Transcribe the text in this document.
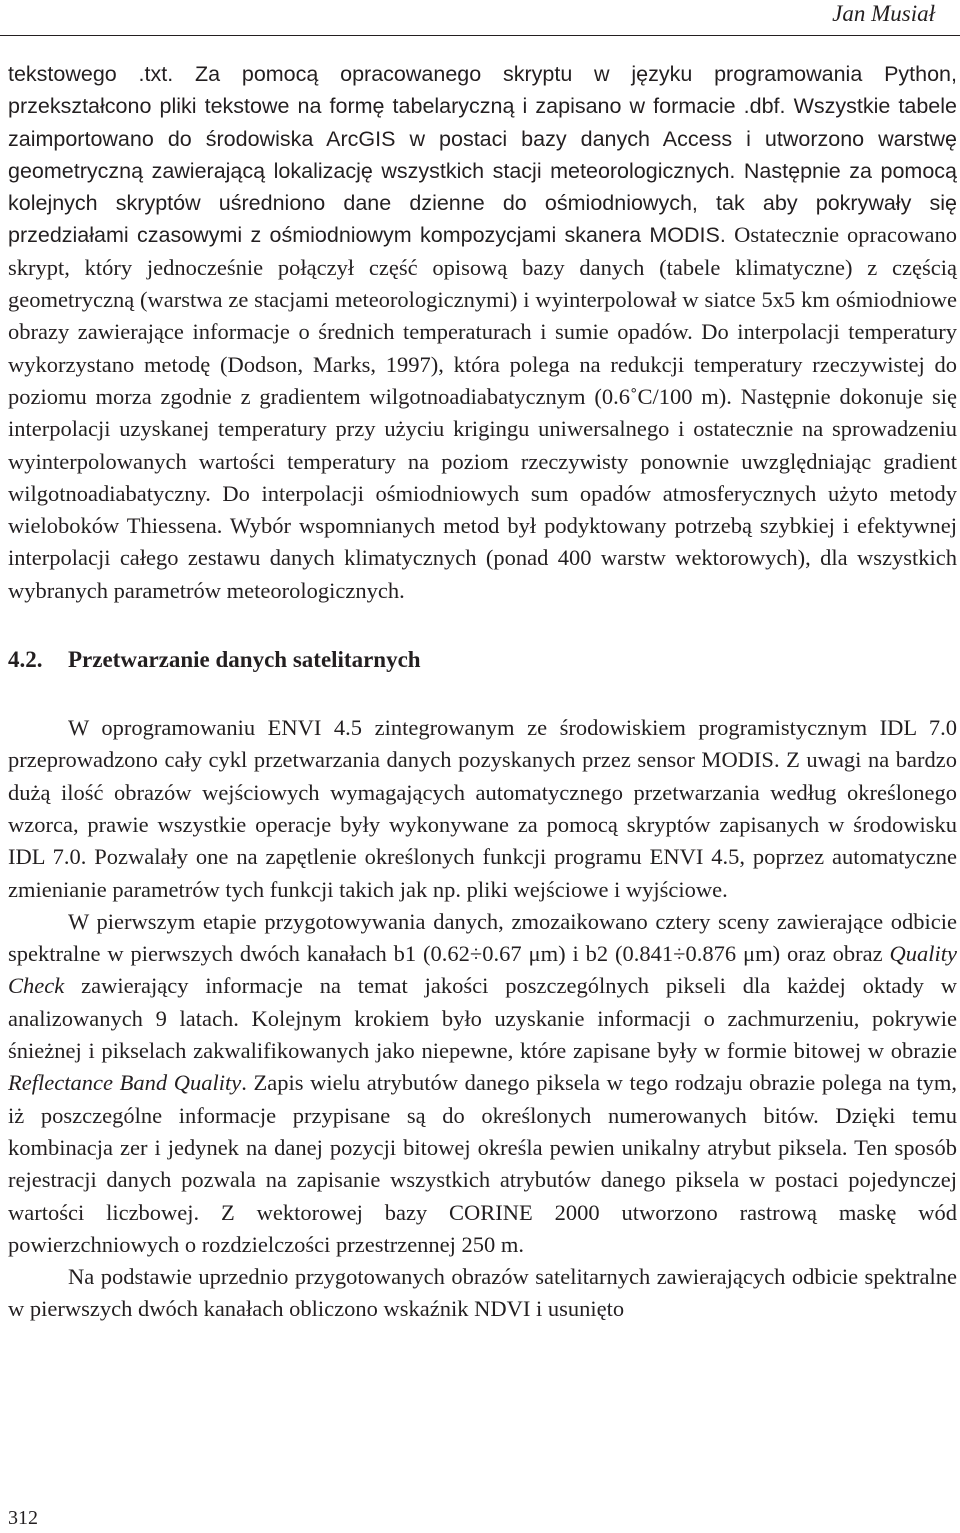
Jan Musiał

tekstowego .txt. Za pomocą opracowanego skryptu w języku programowania Python, przekształcono pliki tekstowe na formę tabelaryczną i zapisano w formacie .dbf. Wszystkie tabele zaimportowano do środowiska ArcGIS w postaci bazy danych Access i utworzono warstwę geometryczną zawierającą lokalizację wszystkich stacji meteorologicznych. Następnie za pomocą kolejnych skryptów uśredniono dane dzienne do ośmiodniowych, tak aby pokrywały się przedziałami czasowymi z ośmiodniowym kompozycjami skanera MODIS. Ostatecznie opracowano skrypt, który jednocześnie połączył część opisową bazy danych (tabele klimatyczne) z częścią geometryczną (warstwa ze stacjami meteorologicznymi) i wyinterpolował w siatce 5x5 km ośmiodniowe obrazy zawierające informacje o średnich temperaturach i sumie opadów. Do interpolacji temperatury wykorzystano metodę (Dodson, Marks, 1997), która polega na redukcji temperatury rzeczywistej do poziomu morza zgodnie z gradientem wilgotnoadiabatycznym (0.6˚C/100 m). Następnie dokonuje się interpolacji uzyskanej temperatury przy użyciu krigingu uniwersalnego i ostatecznie na sprowadzeniu wyinterpolowanych wartości temperatury na poziom rzeczywisty ponownie uwzględniając gradient wilgotnoadiabatyczny. Do interpolacji ośmiodniowych sum opadów atmosferycznych użyto metody wieloboków Thiessena. Wybór wspomnianych metod był podyktowany potrzebą szybkiej i efektywnej interpolacji całego zestawu danych klimatycznych (ponad 400 warstw wektorowych), dla wszystkich wybranych parametrów meteorologicznych.

4.2. Przetwarzanie danych satelitarnych

W oprogramowaniu ENVI 4.5 zintegrowanym ze środowiskiem programistycznym IDL 7.0 przeprowadzono cały cykl przetwarzania danych pozyskanych przez sensor MODIS. Z uwagi na bardzo dużą ilość obrazów wejściowych wymagających automatycznego przetwarzania według określonego wzorca, prawie wszystkie operacje były wykonywane za pomocą skryptów zapisanych w środowisku IDL 7.0. Pozwalały one na zapętlenie określonych funkcji programu ENVI 4.5, poprzez automatyczne zmienianie parametrów tych funkcji takich jak np. pliki wejściowe i wyjściowe.

W pierwszym etapie przygotowywania danych, zmozaikowano cztery sceny zawierające odbicie spektralne w pierwszych dwóch kanałach b1 (0.62÷0.67 μm) i b2 (0.841÷0.876 μm) oraz obraz Quality Check zawierający informacje na temat jakości poszczególnych pikseli dla każdej oktady w analizowanych 9 latach. Kolejnym krokiem było uzyskanie informacji o zachmurzeniu, pokrywie śnieżnej i pikselach zakwalifikowanych jako niepewne, które zapisane były w formie bitowej w obrazie Reflectance Band Quality. Zapis wielu atrybutów danego piksela w tego rodzaju obrazie polega na tym, iż poszczególne informacje przypisane są do określonych numerowanych bitów. Dzięki temu kombinacja zer i jedynek na danej pozycji bitowej określa pewien unikalny atrybut piksela. Ten sposób rejestracji danych pozwala na zapisanie wszystkich atrybutów danego piksela w postaci pojedynczej wartości liczbowej. Z wektorowej bazy CORINE 2000 utworzono rastrową maskę wód powierzchniowych o rozdzielczości przestrzennej 250 m.

Na podstawie uprzednio przygotowanych obrazów satelitarnych zawierających odbicie spektralne w pierwszych dwóch kanałach obliczono wskaźnik NDVI i usunięto

312
